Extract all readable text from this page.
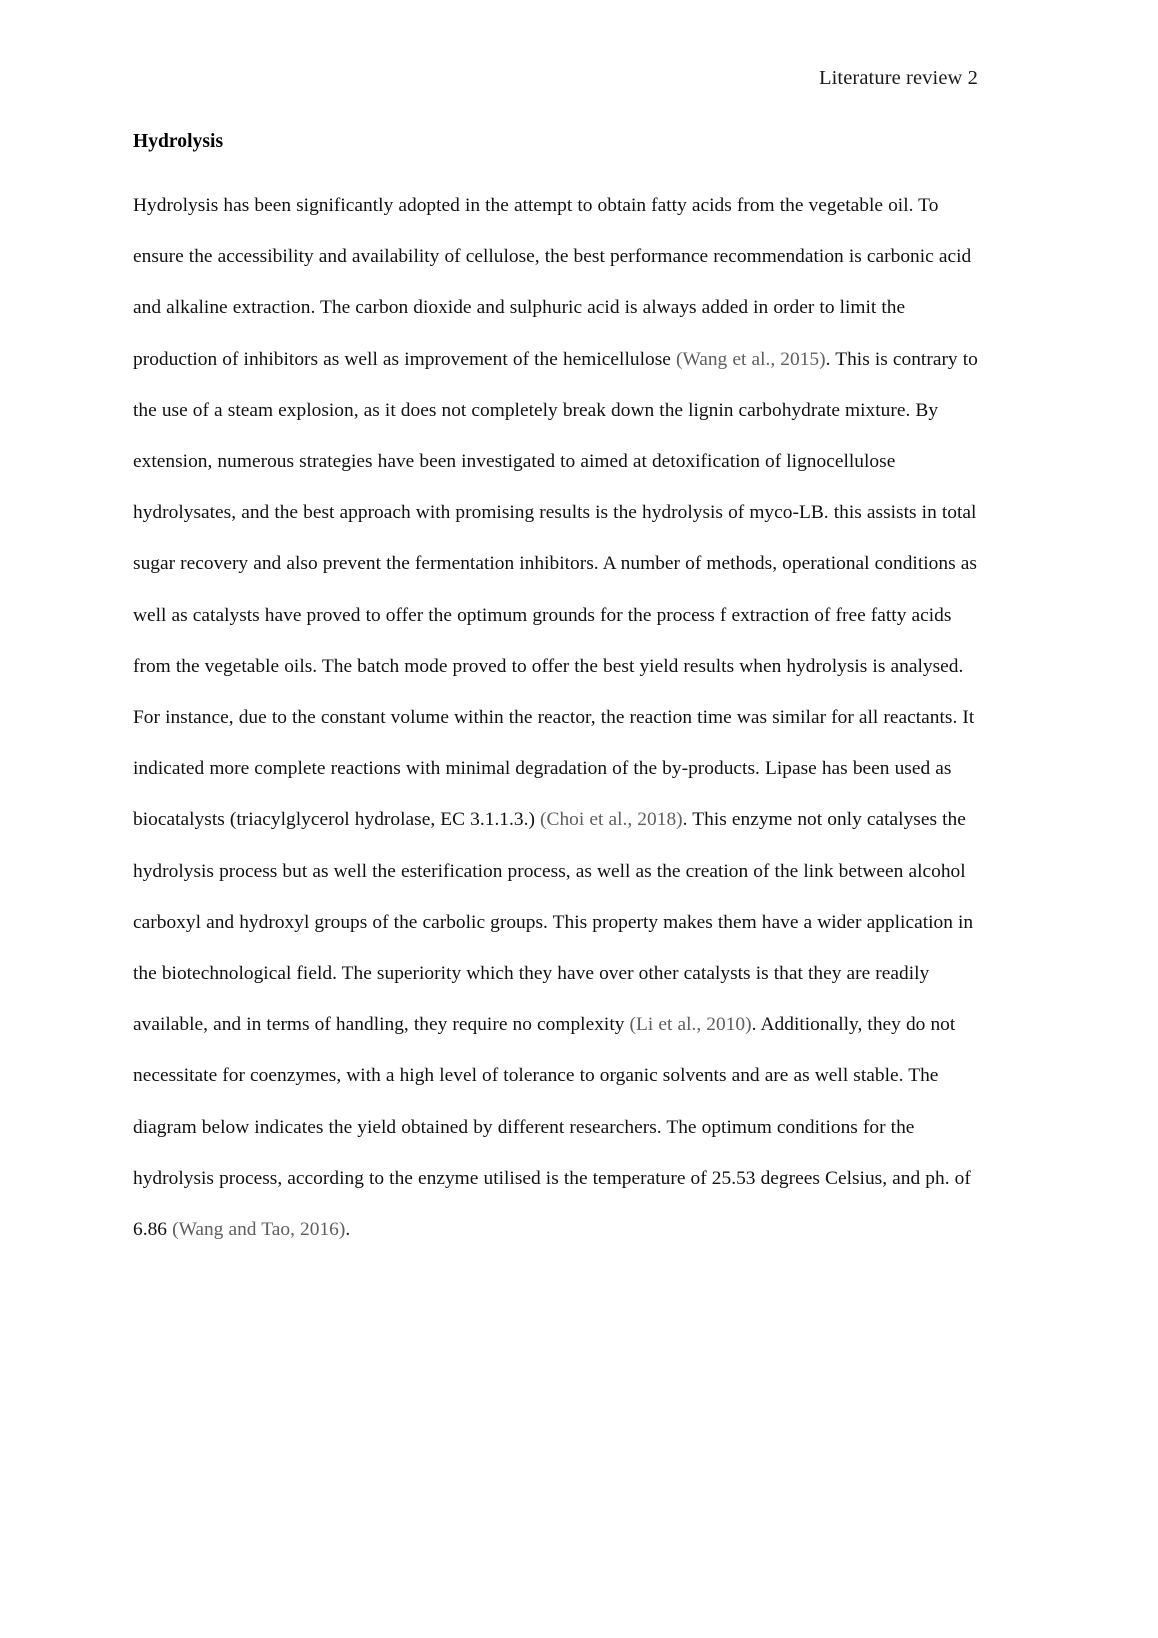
Literature review 2

Hydrolysis

Hydrolysis has been significantly adopted in the attempt to obtain fatty acids from the vegetable oil. To ensure the accessibility and availability of cellulose, the best performance recommendation is carbonic acid and alkaline extraction. The carbon dioxide and sulphuric acid is always added in order to limit the production of inhibitors as well as improvement of the hemicellulose (Wang et al., 2015). This is contrary to the use of a steam explosion, as it does not completely break down the lignin carbohydrate mixture. By extension, numerous strategies have been investigated to aimed at detoxification of lignocellulose hydrolysates, and the best approach with promising results is the hydrolysis of myco-LB. this assists in total sugar recovery and also prevent the fermentation inhibitors. A number of methods, operational conditions as well as catalysts have proved to offer the optimum grounds for the process f extraction of free fatty acids from the vegetable oils. The batch mode proved to offer the best yield results when hydrolysis is analysed. For instance, due to the constant volume within the reactor, the reaction time was similar for all reactants. It indicated more complete reactions with minimal degradation of the by-products. Lipase has been used as biocatalysts (triacylglycerol hydrolase, EC 3.1.1.3.) (Choi et al., 2018). This enzyme not only catalyses the hydrolysis process but as well the esterification process, as well as the creation of the link between alcohol carboxyl and hydroxyl groups of the carbolic groups. This property makes them have a wider application in the biotechnological field. The superiority which they have over other catalysts is that they are readily available, and in terms of handling, they require no complexity (Li et al., 2010). Additionally, they do not necessitate for coenzymes, with a high level of tolerance to organic solvents and are as well stable. The diagram below indicates the yield obtained by different researchers. The optimum conditions for the hydrolysis process, according to the enzyme utilised is the temperature of 25.53 degrees Celsius, and ph. of 6.86 (Wang and Tao, 2016).
